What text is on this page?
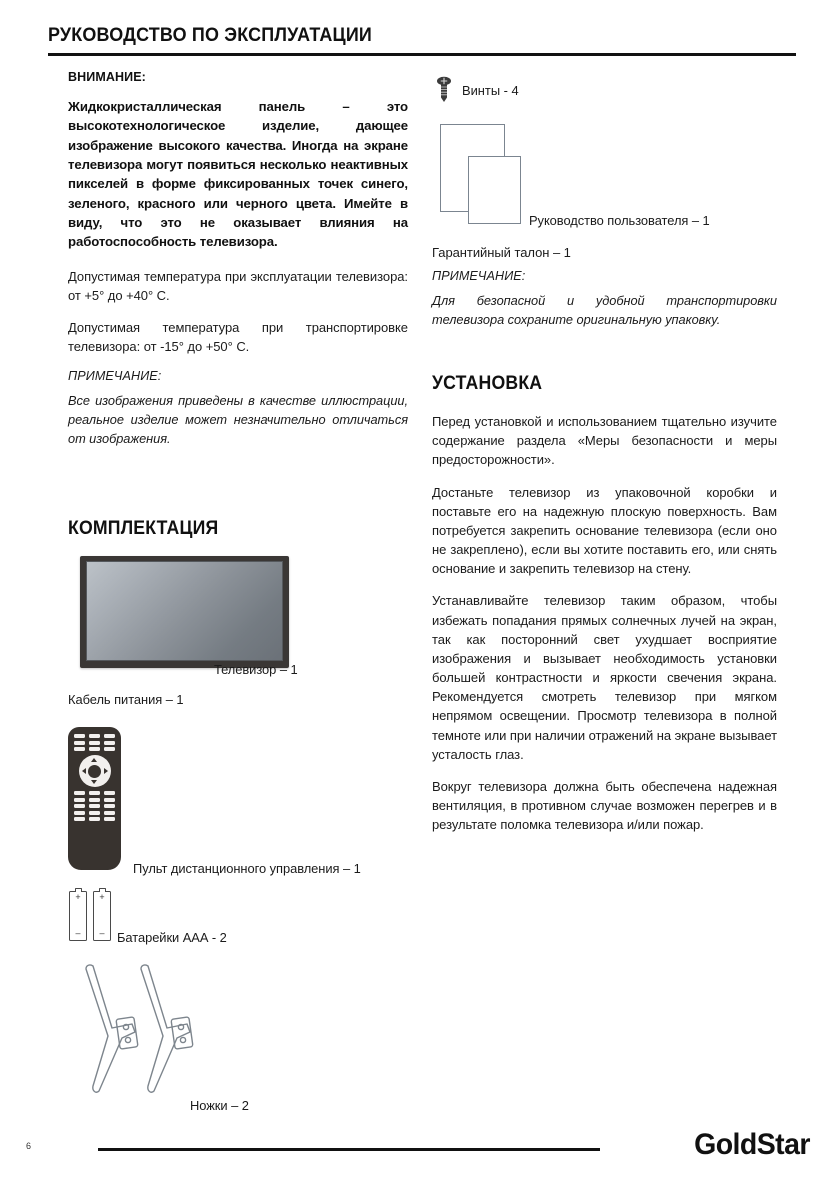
РУКОВОДСТВО ПО ЭКСПЛУАТАЦИИ
ВНИМАНИЕ:
Жидкокристаллическая панель – это высокотехнологическое изделие, дающее изображение высокого качества. Иногда на экране телевизора могут появиться несколько неактивных пикселей в форме фиксированных точек синего, зеленого, красного или черного цвета. Имейте в виду, что это не оказывает влияния на работоспособность телевизора.
Допустимая температура при эксплуатации телевизора: от +5° до +40° С.
Допустимая температура при транспортировке телевизора: от -15° до +50° С.
ПРИМЕЧАНИЕ:
Все изображения приведены в качестве иллюстрации, реальное изделие может незначительно отличаться от изображения.
КОМПЛЕКТАЦИЯ
Телевизор – 1
Кабель питания – 1
Пульт дистанционного управления – 1
+
–
+
– Батарейки ААА - 2
Ножки – 2
Винты - 4
Руководство пользователя – 1
Гарантийный талон – 1
ПРИМЕЧАНИЕ:
Для безопасной и удобной транспортировки телевизора сохраните оригинальную упаковку.
УСТАНОВКА
Перед установкой и использованием тщательно изучите содержание раздела «Меры безопасности и меры предосторожности».
Достаньте телевизор из упаковочной коробки и поставьте его на надежную плоскую поверхность. Вам потребуется закрепить основание телевизора (если оно не закреплено), если вы хотите поставить его, или снять основание и закрепить телевизор на стену.
Устанавливайте телевизор таким образом, чтобы избежать попадания прямых солнечных лучей на экран, так как посторонний свет ухудшает восприятие изображения и вызывает необходимость установки большей контрастности и яркости свечения экрана. Рекомендуется смотреть телевизор при мягком непрямом освещении. Просмотр телевизора в полной темноте или при наличии отражений на экране вызывает усталость глаз.
Вокруг телевизора должна быть обеспечена надежная вентиляция, в противном случае возможен перегрев и в результате поломка телевизора и/или пожар.
6	GoldStar
